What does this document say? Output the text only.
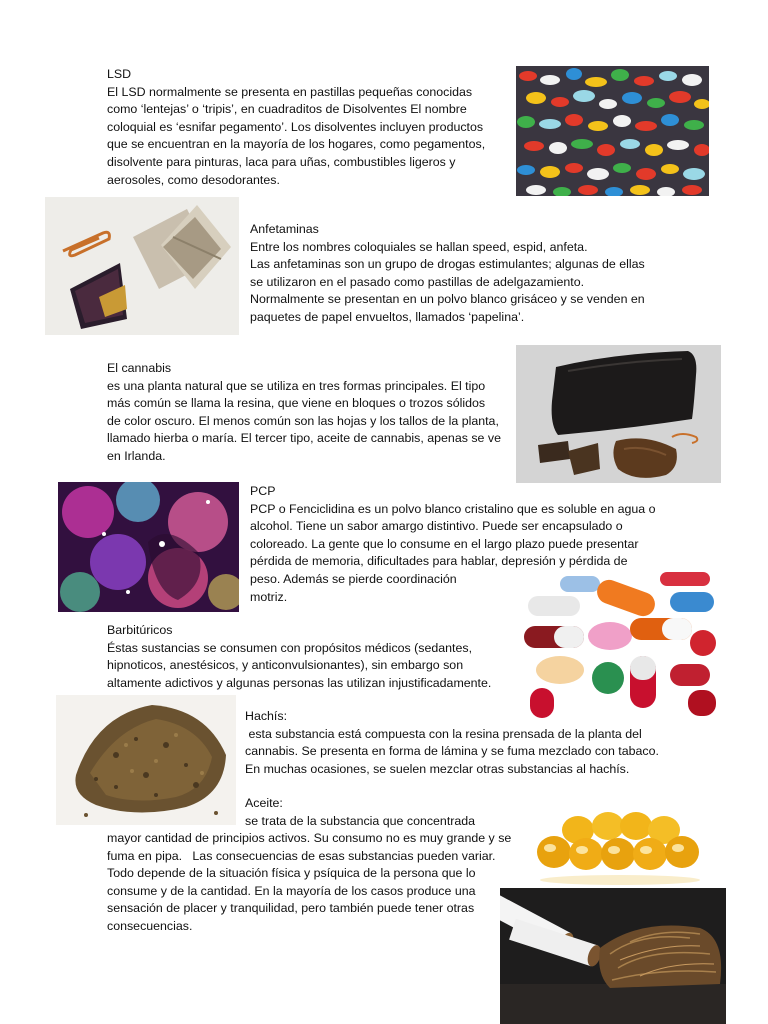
LSD

El LSD normalmente se presenta en pastillas pequeñas conocidas

como ‘lentejas’ o ‘tripis’, en cuadraditos de Disolventes El nombre

coloquial es ‘esnifar pegamento’. Los disolventes incluyen productos

que se encuentran en la mayoría de los hogares, como pegamentos,

disolvente para pinturas, laca para uñas, combustibles ligeros y

aerosoles, como desodorantes.

Anfetaminas

Entre los nombres coloquiales se hallan speed, espid, anfeta.

Las anfetaminas son un grupo de drogas estimulantes; algunas de ellas

se utilizaron en el pasado como pastillas de adelgazamiento.

Normalmente se presentan en un polvo blanco grisáceo y se venden en

paquetes de papel envueltos, llamados ‘papelina’.

El cannabis

es una planta natural que se utiliza en tres formas principales. El tipo

más común se llama la resina, que viene en bloques o trozos sólidos

de color oscuro. El menos común son las hojas y los tallos de la planta,

llamado hierba o maría. El tercer tipo, aceite de cannabis, apenas se ve

en Irlanda.

PCP

PCP o Fenciclidina es un polvo blanco cristalino que es soluble en agua o

alcohol. Tiene un sabor amargo distintivo. Puede ser encapsulado o

coloreado. La gente que lo consume en el largo plazo puede presentar

pérdida de memoria, dificultades para hablar, depresión y pérdida de

peso. Además se pierde coordinación

motriz.

Barbitúricos

Éstas sustancias se consumen con propósitos médicos (sedantes,

hipnoticos, anestésicos, y anticonvulsionantes), sin embargo son

altamente adictivos y algunas personas las utilizan injustificadamente.

Hachís:

esta substancia está compuesta con la resina prensada de la planta del

cannabis. Se presenta en forma de lámina y se fuma mezclado con tabaco.

En muchas ocasiones, se suelen mezclar otras substancias al hachís.

Aceite:

se trata de la substancia que concentrada

mayor cantidad de principios activos. Su consumo no es muy grande y se

fuma en pipa.   Las consecuencias de esas substancias pueden variar.

Todo depende de la situación física y psíquica de la persona que lo

consume y de la cantidad. En la mayoría de los casos produce una

sensación de placer y tranquilidad, pero también puede tener otras

consecuencias.
